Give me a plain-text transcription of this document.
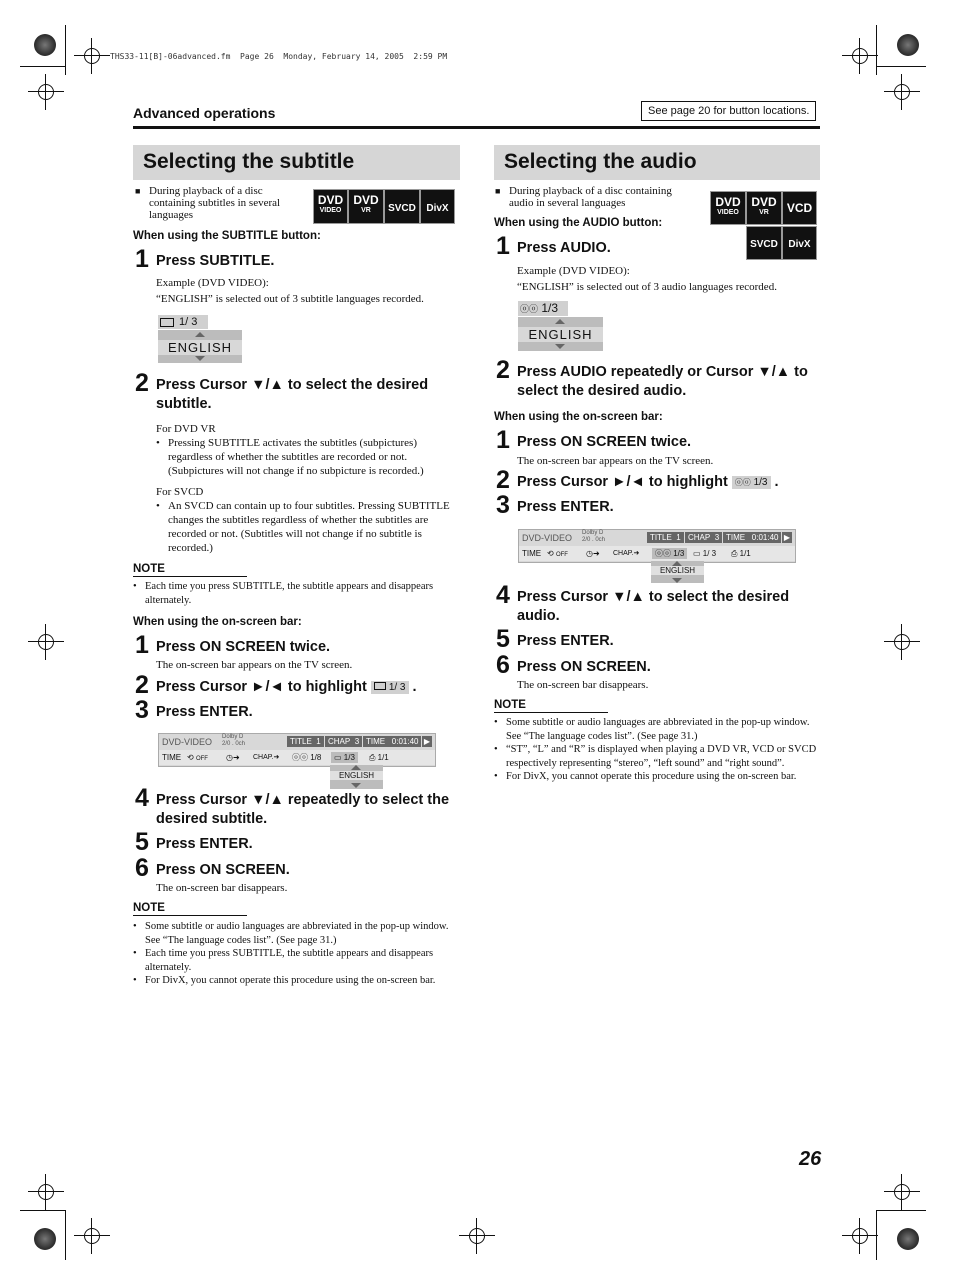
THS33-11[B]-06advanced.fm  Page 26  Monday, February 14, 2005  2:59 PM
Advanced operations	See page 20 for button locations.
Selecting the subtitle
■ During playback of a disc containing subtitles in several languages
DVD
VIDEO
DVD
VR	SVCD	DivX
When using the SUBTITLE button:
1 Press SUBTITLE.
Example (DVD VIDEO):
“ENGLISH” is selected out of 3 subtitle languages recorded.
1/ 3
ENGLISH
2 Press Cursor ▼/▲ to select the desired subtitle.
For DVD VR
• Pressing SUBTITLE activates the subtitles (subpictures) regardless of whether the subtitles are recorded or not. (Subpictures will not change if no subpicture is recorded.)
For SVCD
• An SVCD can contain up to four subtitles. Pressing SUBTITLE changes the subtitles regardless of whether the subtitles are recorded or not. (Subtitles will not change if no subtitle is recorded.)
NOTE
• Each time you press SUBTITLE, the subtitle appears and disappears alternately.
When using the on-screen bar:
1 Press ON SCREEN twice.
The on-screen bar appears on the TV screen.
2 Press Cursor ►/◄ to highlight 1/ 3 .
3 Press ENTER.
DVD-VIDEO Dolby D
2/0 . 0ch	TITLE 1 CHAP 3 TIME 0:01:40 ▶
TIME ⟲ OFF ◷➜ CHAP.➜ ⓞⓞ 1/8	▭ 1/3	⎙ 1/1
ENGLISH
4 Press Cursor ▼/▲ repeatedly to select the desired subtitle.
5 Press ENTER.
6 Press ON SCREEN.
The on-screen bar disappears.
NOTE
• Some subtitle or audio languages are abbreviated in the pop-up window. See “The language codes list”. (See page 31.)
• Each time you press SUBTITLE, the subtitle appears and disappears alternately.
• For DivX, you cannot operate this procedure using the on-screen bar.
Selecting the audio
■ During playback of a disc containing audio in several languages	DVD
VIDEO
DVD
VR	VCD
SVCD	DivX
When using the AUDIO button:
1 Press AUDIO.
Example (DVD VIDEO):
“ENGLISH” is selected out of 3 audio languages recorded.
ⓞⓞ 1/3
ENGLISH
2 Press AUDIO repeatedly or Cursor ▼/▲ to select the desired audio.
When using the on-screen bar:
1 Press ON SCREEN twice.
The on-screen bar appears on the TV screen.
2 Press Cursor ►/◄ to highlight ⓞⓞ 1/3 .
3 Press ENTER.
DVD-VIDEO Dolby D
2/0 . 0ch	TITLE 1 CHAP 3 TIME 0:01:40 ▶
TIME ⟲ OFF ◷➜ CHAP.➜	ⓞⓞ 1/3	▭ 1/ 3 ⎙ 1/1
ENGLISH
4 Press Cursor ▼/▲ to select the desired audio.
5 Press ENTER.
6 Press ON SCREEN.
The on-screen bar disappears.
NOTE
• Some subtitle or audio languages are abbreviated in the pop-up window. See “The language codes list”. (See page 31.)
• “ST”, “L” and “R” is displayed when playing a DVD VR, VCD or SVCD respectively representing “stereo”, “left sound” and “right sound”.
• For DivX, you cannot operate this procedure using the on-screen bar.
26
